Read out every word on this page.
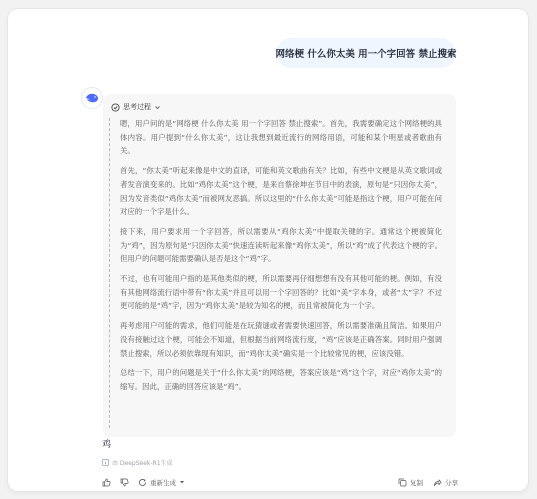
网络梗 什么你太美 用一个字回答 禁止搜索
思考过程

嗯，用户问的是“网络梗 什么你太美 用一个字回答 禁止搜索”。首先，我需要确定这个网络梗的具体内容。用户提到“什么你太美”，这让我想到最近流行的网络用语，可能和某个明星或者歌曲有关。

首先，“你太美”听起来像是中文的直译，可能和英文歌曲有关？比如，有些中文梗是从英文歌词或者发音演变来的。比如“鸡你太美”这个梗，是来自蔡徐坤在节目中的表演，原句是“只因你太美”，因为发音类似“鸡你太美”而被网友恶搞。所以这里的“什么你太美”可能是指这个梗，用户可能在问对应的一个字是什么。

接下来，用户要求用一个字回答，所以需要从“鸡你太美”中提取关键的字。通常这个梗被简化为“鸡”，因为原句是“只因你太美”快速连读听起来像“鸡你太美”，所以“鸡”成了代表这个梗的字。但用户的问题可能需要确认是否是这个“鸡”字。

不过，也有可能用户指的是其他类似的梗，所以需要再仔细想想有没有其他可能的梗。例如，有没有其他网络流行语中带有“你太美”并且可以用一个字回答的？比如“美”字本身，或者“太”字？不过更可能的是“鸡”字，因为“鸡你太美”是较为知名的梗，而且常被简化为一个字。

再考虑用户可能的需求，他们可能是在玩猜谜或者需要快速回答，所以需要准确且简洁。如果用户没有接触过这个梗，可能会不知道，但根据当前网络流行度，“鸡”应该是正确答案。同时用户强调禁止搜索，所以必须依靠现有知识，而“鸡你太美”确实是一个比较常见的梗，应该没错。

总结一下，用户的问题是关于“什么你太美”的网络梗，答案应该是“鸡”这个字，对应“鸡你太美”的缩写。因此，正确的回答应该是“鸡”。

鸡
由 DeepSeek-R1生成
重新生成	复制	分享
